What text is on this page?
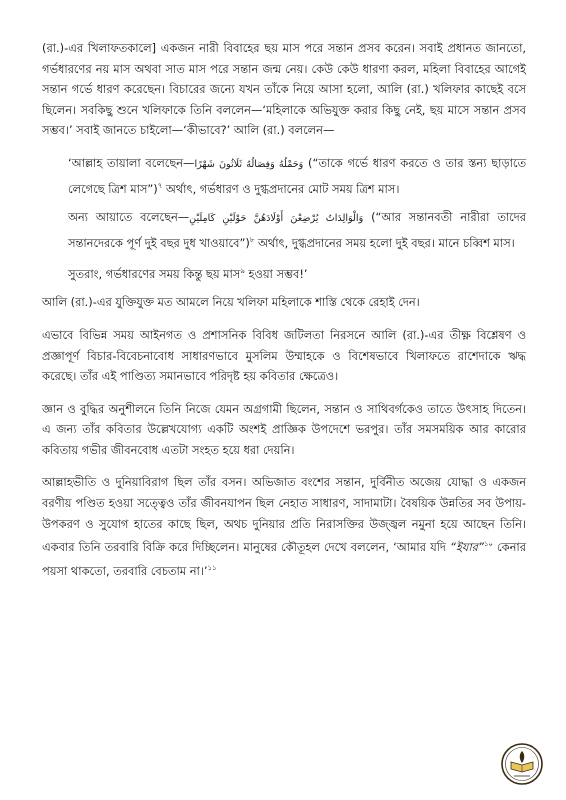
(রা.)-এর খিলাফতকালে] একজন নারী বিবাহের ছয় মাস পরে সন্তান প্রসব করেন। সবাই প্রধানত জানতো, গর্ভধারণের নয় মাস অথবা সাত মাস পরে সন্তান জন্ম নেয়। কেউ কেউ ধারণা করল, মহিলা বিবাহের আগেই সন্তান গর্ভে ধারণ করেছেন। বিচারের জন্যে যখন তাঁকে নিয়ে আসা হলো, আলি (রা.) খলিফার কাছেই বসে ছিলেন। সবকিছু শুনে খলিফাকে তিনি বললেন—‘মহিলাকে অভিযুক্ত করার কিছু নেই, ছয় মাসে সন্তান প্রসব সম্ভব।’ সবাই জানতে চাইলো—‘কীভাবে?’ আলি (রা.) বললেন—

‘আল্লাহ তায়ালা বলেছেন—وَحَمْلُهُ وَفِصَالُهُ ثَلَاثُونَ شَهْرًا (“তাকে গর্ভে ধারণ করতে ও তার স্তন্য ছাড়াতে লেগেছে ত্রিশ মাস”)$^৭$ অর্থাৎ, গর্ভধারণ ও দুগ্ধপ্রদানের মোট সময় ত্রিশ মাস।

অন্য আয়াতে বলেছেন—وَالْوَالِدَاتُ يُرْضِعْنَ أَوْلَادَهُنَّ حَوْلَيْنِ كَامِلَيْنِ (“আর সন্তানবতী নারীরা তাদের সন্তানদেরকে পূর্ণ দুই বছর দুধ খাওয়াবে”)$^৮$ অর্থাৎ, দুগ্ধপ্রদানের সময় হলো দুই বছর। মানে চব্বিশ মাস।

সুতরাং, গর্ভধারণের সময় কিন্তু ছয় মাস$^৯$ হওয়া সম্ভব!’

আলি (রা.)-এর যুক্তিযুক্ত মত আমলে নিয়ে খলিফা মহিলাকে শাস্তি থেকে রেহাই দেন।

এভাবে বিভিন্ন সময় আইনগত ও প্রশাসনিক বিবিধ জটিলতা নিরসনে আলি (রা.)-এর তীক্ষ্ণ বিশ্লেষণ ও প্রজ্ঞাপূর্ণ বিচার-বিবেচনাবোধ সাধারণভাবে মুসলিম উম্মাহকে ও বিশেষভাবে খিলাফতে রাশেদাকে ঋদ্ধ করেছে। তাঁর এই পাণ্ডিত্য সমানভাবে পরিদৃষ্ট হয় কবিতার ক্ষেত্রেও।

জ্ঞান ও বুদ্ধির অনুশীলনে তিনি নিজে যেমন অগ্রগামী ছিলেন, সন্তান ও সাথিবর্গকেও তাতে উৎসাহ দিতেন। এ জন্য তাঁর কবিতার উল্লেখযোগ্য একটি অংশই প্রাজ্ঞিক উপদেশে ভরপুর। তাঁর সমসময়িক আর কারোর কবিতায় গভীর জীবনবোধ এতটা সংহত হয়ে ধরা দেয়নি।

আল্লাহভীতি ও দুনিয়াবিরাগ ছিল তাঁর বসন। অভিজাত বংশের সন্তান, দুর্বিনীত অজেয় যোদ্ধা ও একজন বরণীয় পণ্ডিত হওয়া সত্ত্বেও তাঁর জীবনযাপন ছিল নেহাত সাধারণ, সাদামাটা। বৈষয়িক উন্নতির সব উপায়-উপকরণ ও সুযোগ হাতের কাছে ছিল, অথচ দুনিয়ার প্রতি নিরাসক্তির উজ্জ্বল নমুনা হয়ে আছেন তিনি। একবার তিনি তরবারি বিক্রি করে দিচ্ছিলেন। মানুষের কৌতূহল দেখে বললেন, ‘আমার যদি “ইযার”$^{১০}$ কেনার পয়সা থাকতো, তরবারি বেচতাম না।’$^{১১}$
